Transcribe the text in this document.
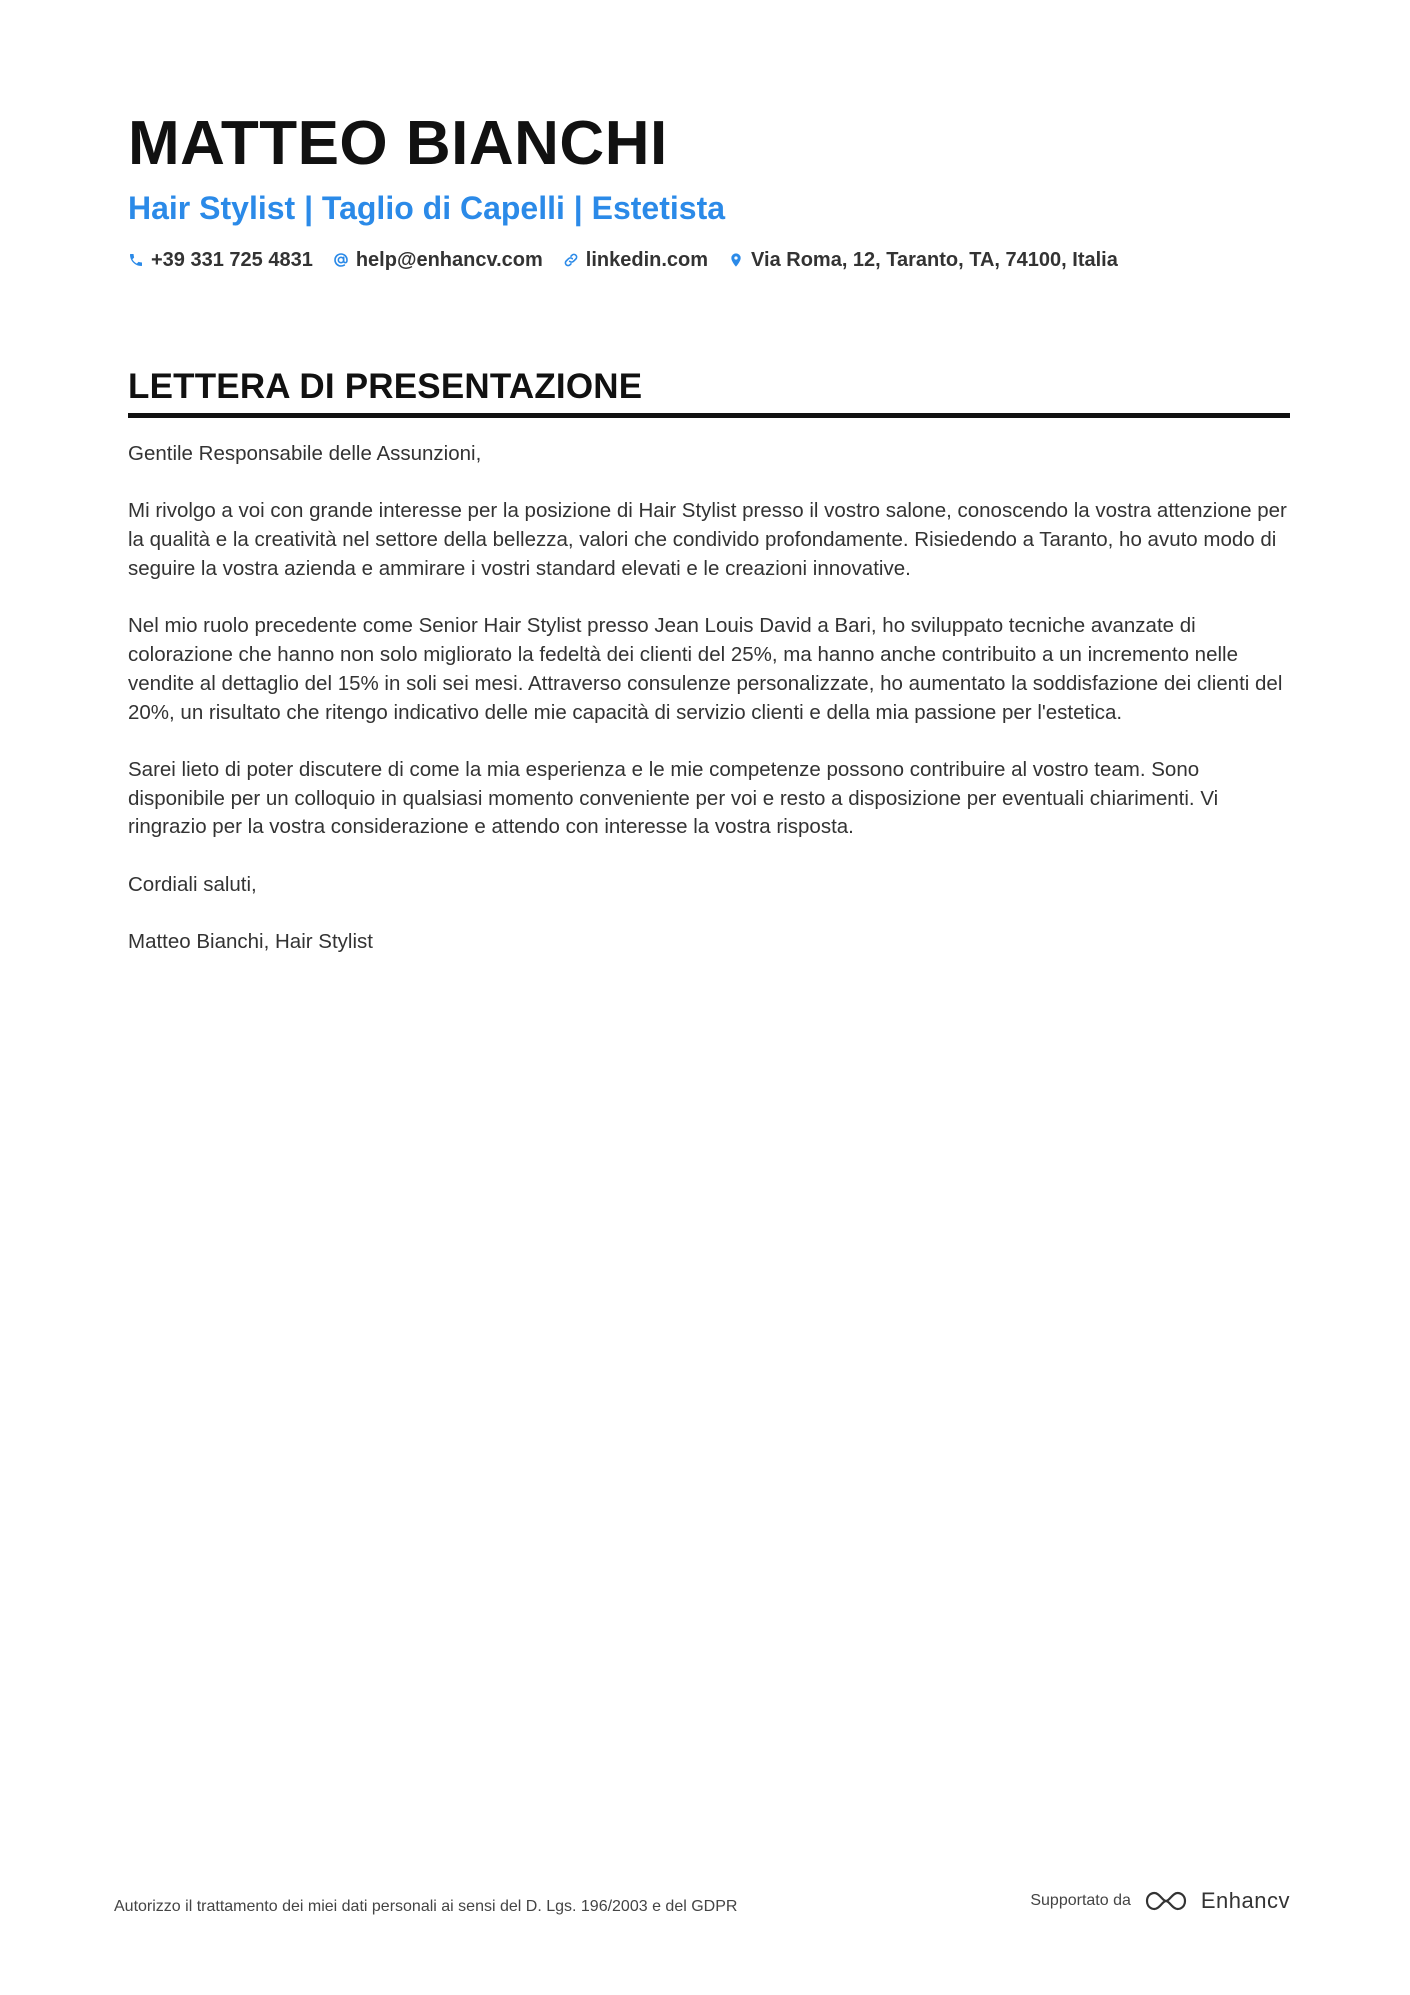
MATTEO BIANCHI
Hair Stylist | Taglio di Capelli | Estetista
+39 331 725 4831 help@enhancv.com linkedin.com Via Roma, 12, Taranto, TA, 74100, Italia
LETTERA DI PRESENTAZIONE

Gentile Responsabile delle Assunzioni,

Mi rivolgo a voi con grande interesse per la posizione di Hair Stylist presso il vostro salone, conoscendo la vostra attenzione per la qualità e la creatività nel settore della bellezza, valori che condivido profondamente. Risiedendo a Taranto, ho avuto modo di seguire la vostra azienda e ammirare i vostri standard elevati e le creazioni innovative.

Nel mio ruolo precedente come Senior Hair Stylist presso Jean Louis David a Bari, ho sviluppato tecniche avanzate di colorazione che hanno non solo migliorato la fedeltà dei clienti del 25%, ma hanno anche contribuito a un incremento nelle vendite al dettaglio del 15% in soli sei mesi. Attraverso consulenze personalizzate, ho aumentato la soddisfazione dei clienti del 20%, un risultato che ritengo indicativo delle mie capacità di servizio clienti e della mia passione per l'estetica.

Sarei lieto di poter discutere di come la mia esperienza e le mie competenze possono contribuire al vostro team. Sono disponibile per un colloquio in qualsiasi momento conveniente per voi e resto a disposizione per eventuali chiarimenti. Vi ringrazio per la vostra considerazione e attendo con interesse la vostra risposta.

Cordiali saluti,

Matteo Bianchi, Hair Stylist

Autorizzo il trattamento dei miei dati personali ai sensi del D. Lgs. 196/2003 e del GDPR	Supportato da	Enhancv
